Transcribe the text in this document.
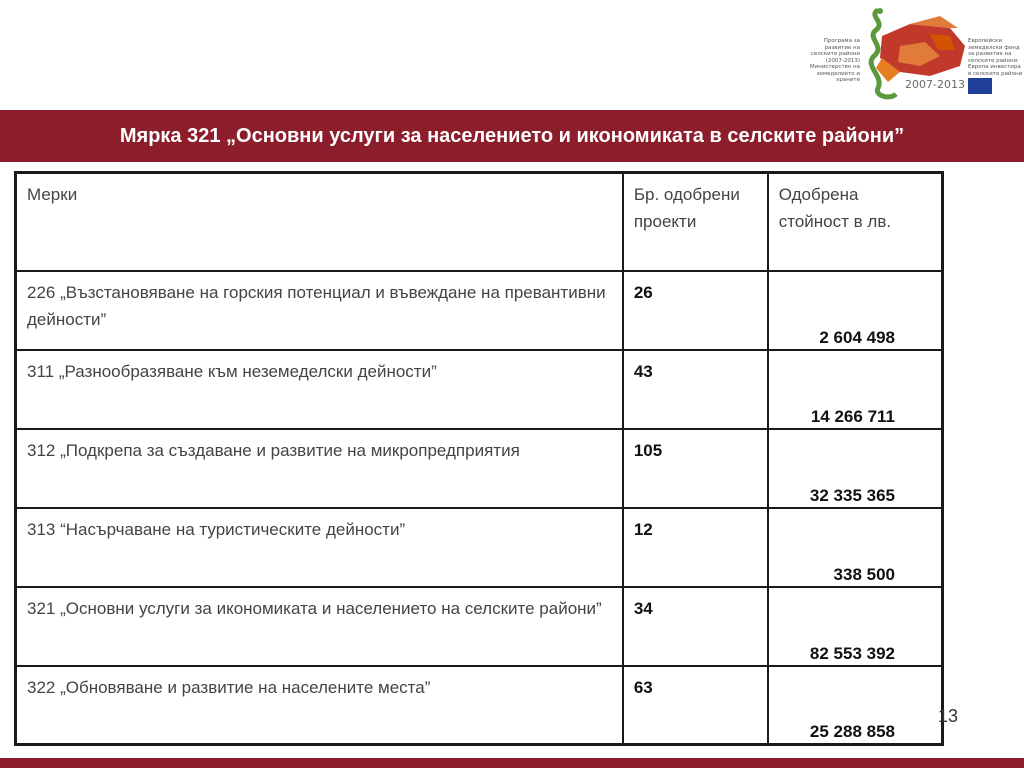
Програма за развитие на селските райони (2007-2013) Министерство на земеделието и храните	2007-2013
Европейски земеделски фонд за развитие на селските райони: Европа инвестира в селските райони
Мярка 321 „Основни услуги за населението и икономиката в селските райони”
Мерки	Бр. одобрени проекти	Одобрена стойност в лв.
226 „Възстановяване на горския потенциал и въвеждане на превантивни дейности”	26	2 604 498

311 „Разнообразяване към неземеделски дейности”	43	14 266 711

312 „Подкрепа за създаване и развитие на микропредприятия	105	32 335 365

313 “Насърчаване на туристическите дейности”	12	338 500

321 „Основни услуги за икономиката и населението на селските райони”	34	82 553 392

322 „Обновяване и развитие на населените места”	63	25 288 858
13
